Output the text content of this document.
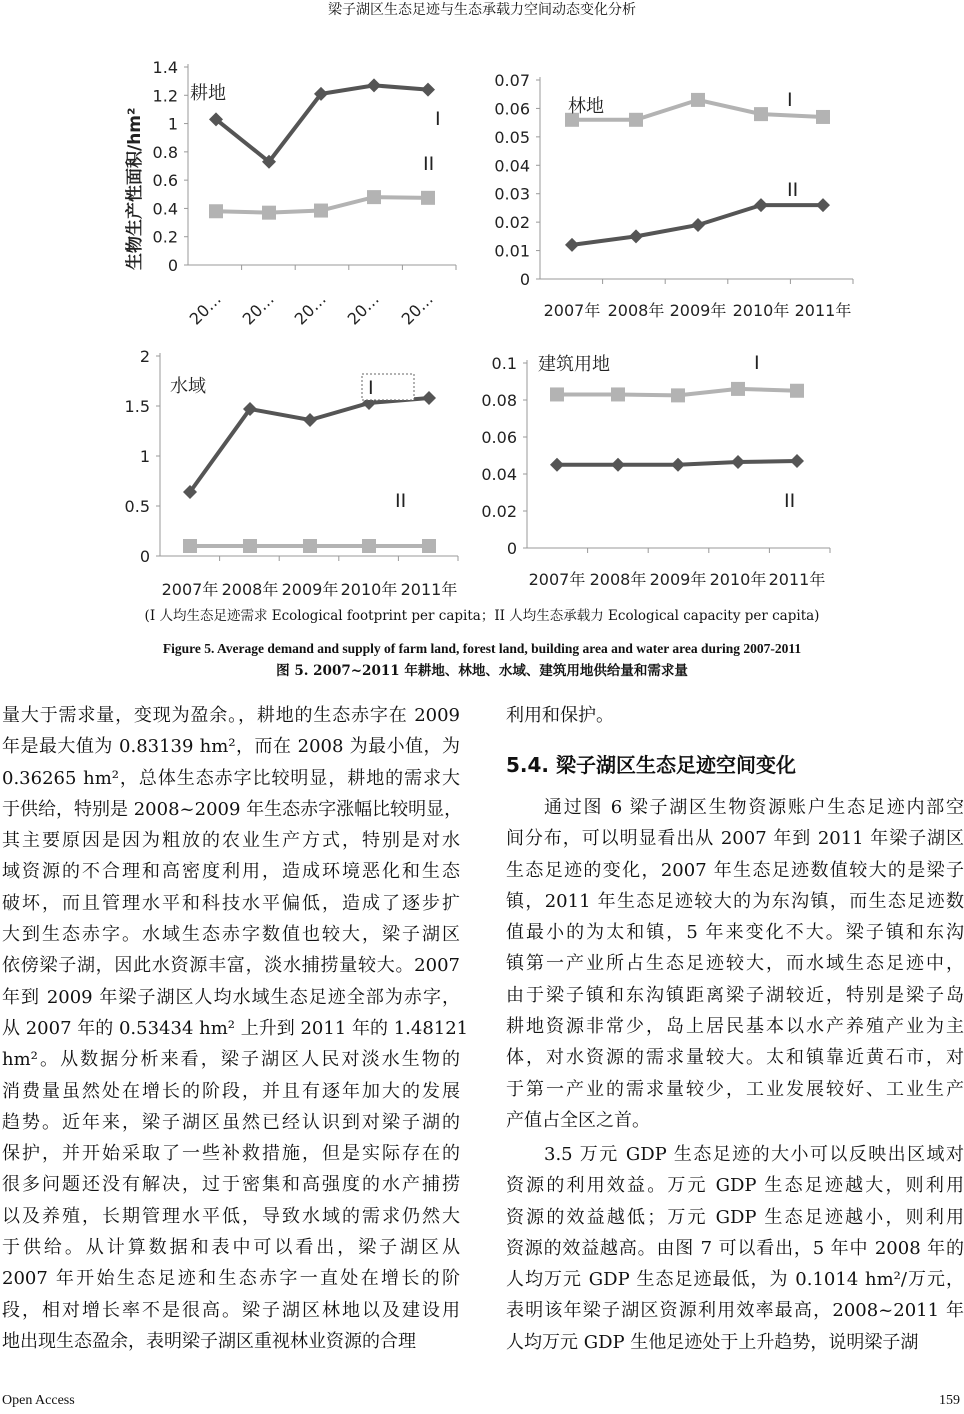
梁子湖区生态足迹与生态承载力空间动态变化分析
0
0.2
0.4
0.6
0.8
1
1.2
1.4
20… 20… 20… 20… 20…
耕地
I
II
生物生产性面积/hm²
0
0.01
0.02
0.03
0.04
0.05
0.06
0.07
2007年 2008年 2009年 2010年 2011年
林地	I
II
0
0.5
1
1.5
2
2007年 2008年 2009年 2010年 2011年
水域	I
II
0
0.02
0.04
0.06
0.08
0.1
2007年 2008年 2009年 2010年 2011年
建筑用地	I
II
(I 人均生态足迹需求 Ecological footprint per capita；II 人均生态承载力 Ecological capacity per capita)
Figure 5. Average demand and supply of farm land, forest land, building area and water area during 2007-2011
图 5. 2007~2011 年耕地、林地、水域、建筑用地供给量和需求量
量大于需求量，变现为盈余。，耕地的生态赤字在 2009
年是最大值为 0.83139 hm²，而在 2008 为最小值，为
0.36265 hm²，总体生态赤字比较明显，耕地的需求大
于供给，特别是 2008~2009 年生态赤字涨幅比较明显，
其主要原因是因为粗放的农业生产方式，特别是对水
域资源的不合理和高密度利用，造成环境恶化和生态
破坏，而且管理水平和科技水平偏低，造成了逐步扩
大到生态赤字。水域生态赤字数值也较大，梁子湖区
依傍梁子湖，因此水资源丰富，淡水捕捞量较大。2007
年到 2009 年梁子湖区人均水域生态足迹全部为赤字，
从 2007 年的 0.53434 hm² 上升到 2011 年的 1.48121
hm²。从数据分析来看，梁子湖区人民对淡水生物的
消费量虽然处在增长的阶段，并且有逐年加大的发展
趋势。近年来，梁子湖区虽然已经认识到对梁子湖的
保护，并开始采取了一些补救措施，但是实际存在的
很多问题还没有解决，过于密集和高强度的水产捕捞
以及养殖，长期管理水平低，导致水域的需求仍然大
于供给。从计算数据和表中可以看出，梁子湖区从
2007 年开始生态足迹和生态赤字一直处在增长的阶
段，相对增长率不是很高。梁子湖区林地以及建设用
地出现生态盈余，表明梁子湖区重视林业资源的合理
利用和保护。
5.4. 梁子湖区生态足迹空间变化
通过图 6 梁子湖区生物资源账户生态足迹内部空
间分布，可以明显看出从 2007 年到 2011 年梁子湖区
生态足迹的变化，2007 年生态足迹数值较大的是梁子
镇，2011 年生态足迹较大的为东沟镇，而生态足迹数
值最小的为太和镇，5 年来变化不大。梁子镇和东沟
镇第一产业所占生态足迹较大，而水域生态足迹中，
由于梁子镇和东沟镇距离梁子湖较近，特别是梁子岛
耕地资源非常少，岛上居民基本以水产养殖产业为主
体，对水资源的需求量较大。太和镇靠近黄石市，对
于第一产业的需求量较少，工业发展较好、工业生产
产值占全区之首。
3.5 万元 GDP 生态足迹的大小可以反映出区域对
资源的利用效益。万元 GDP 生态足迹越大，则利用
资源的效益越低；万元 GDP 生态足迹越小，则利用
资源的效益越高。由图 7 可以看出，5 年中 2008 年的
人均万元 GDP 生态足迹最低，为 0.1014 hm²/万元，
表明该年梁子湖区资源利用效率最高，2008~2011 年
人均万元 GDP 生他足迹处于上升趋势，说明梁子湖
Open Access	159
